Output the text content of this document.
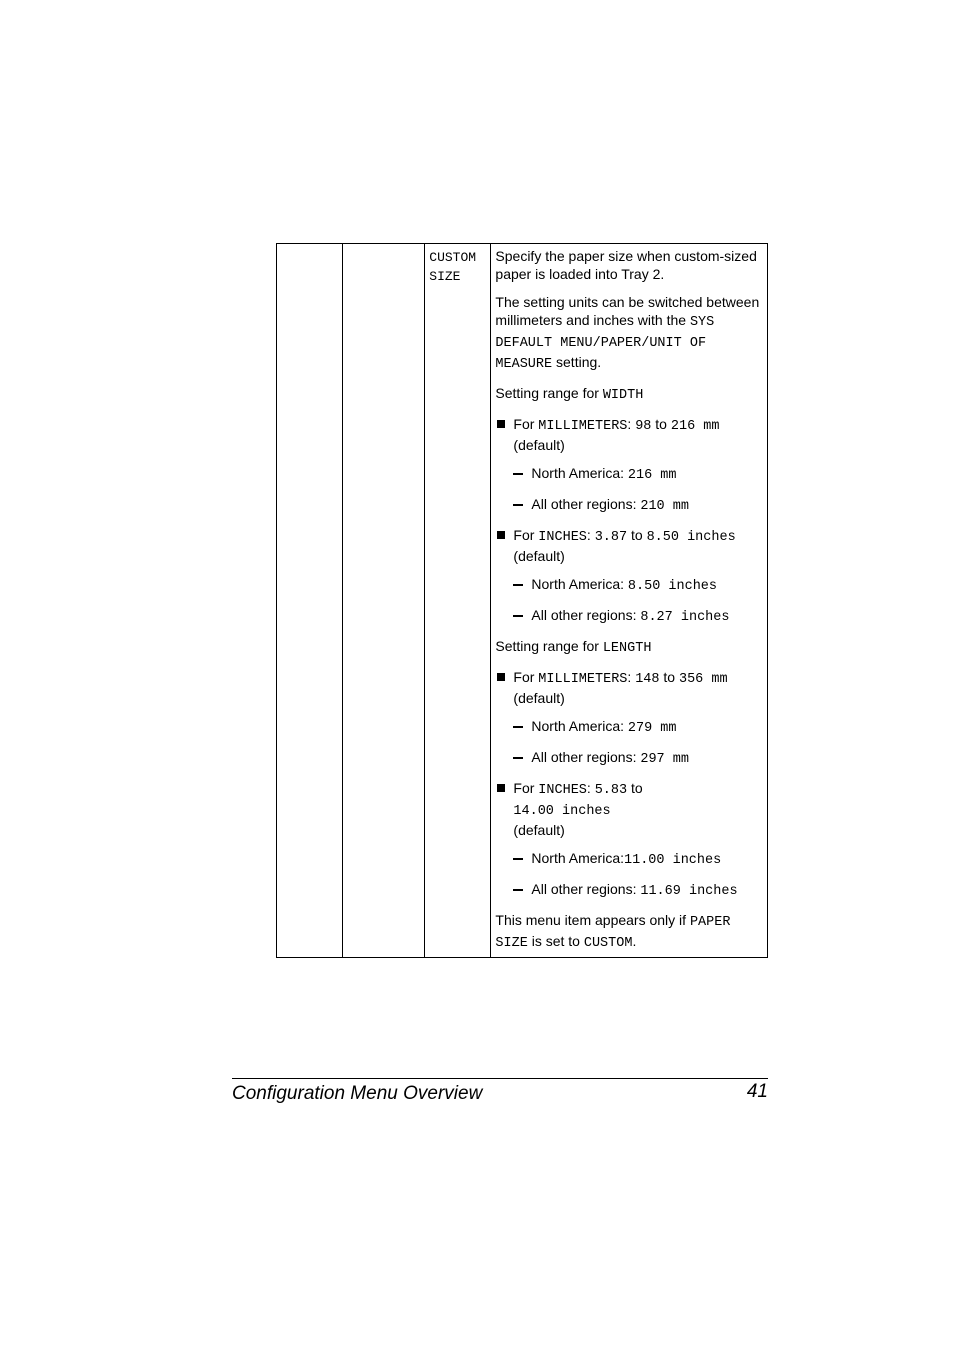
CUSTOM
SIZE

Specify the paper size when custom-sized paper is loaded into Tray 2.

The setting units can be switched between millimeters and inches with the SYS DEFAULT MENU/PAPER/UNIT OF MEASURE setting.

Setting range for WIDTH

For MILLIMETERS: 98 to 216 mm
(default)
North America: 216 mm
All other regions: 210 mm
For INCHES: 3.87 to 8.50 inches
(default)
North America: 8.50 inches
All other regions: 8.27 inches

Setting range for LENGTH

For MILLIMETERS: 148 to 356 mm
(default)
North America: 279 mm
All other regions: 297 mm
For INCHES: 5.83 to
14.00 inches
(default)
North America:11.00 inches
All other regions: 11.69 inches

This menu item appears only if PAPER SIZE is set to CUSTOM.

Configuration Menu Overview	41
